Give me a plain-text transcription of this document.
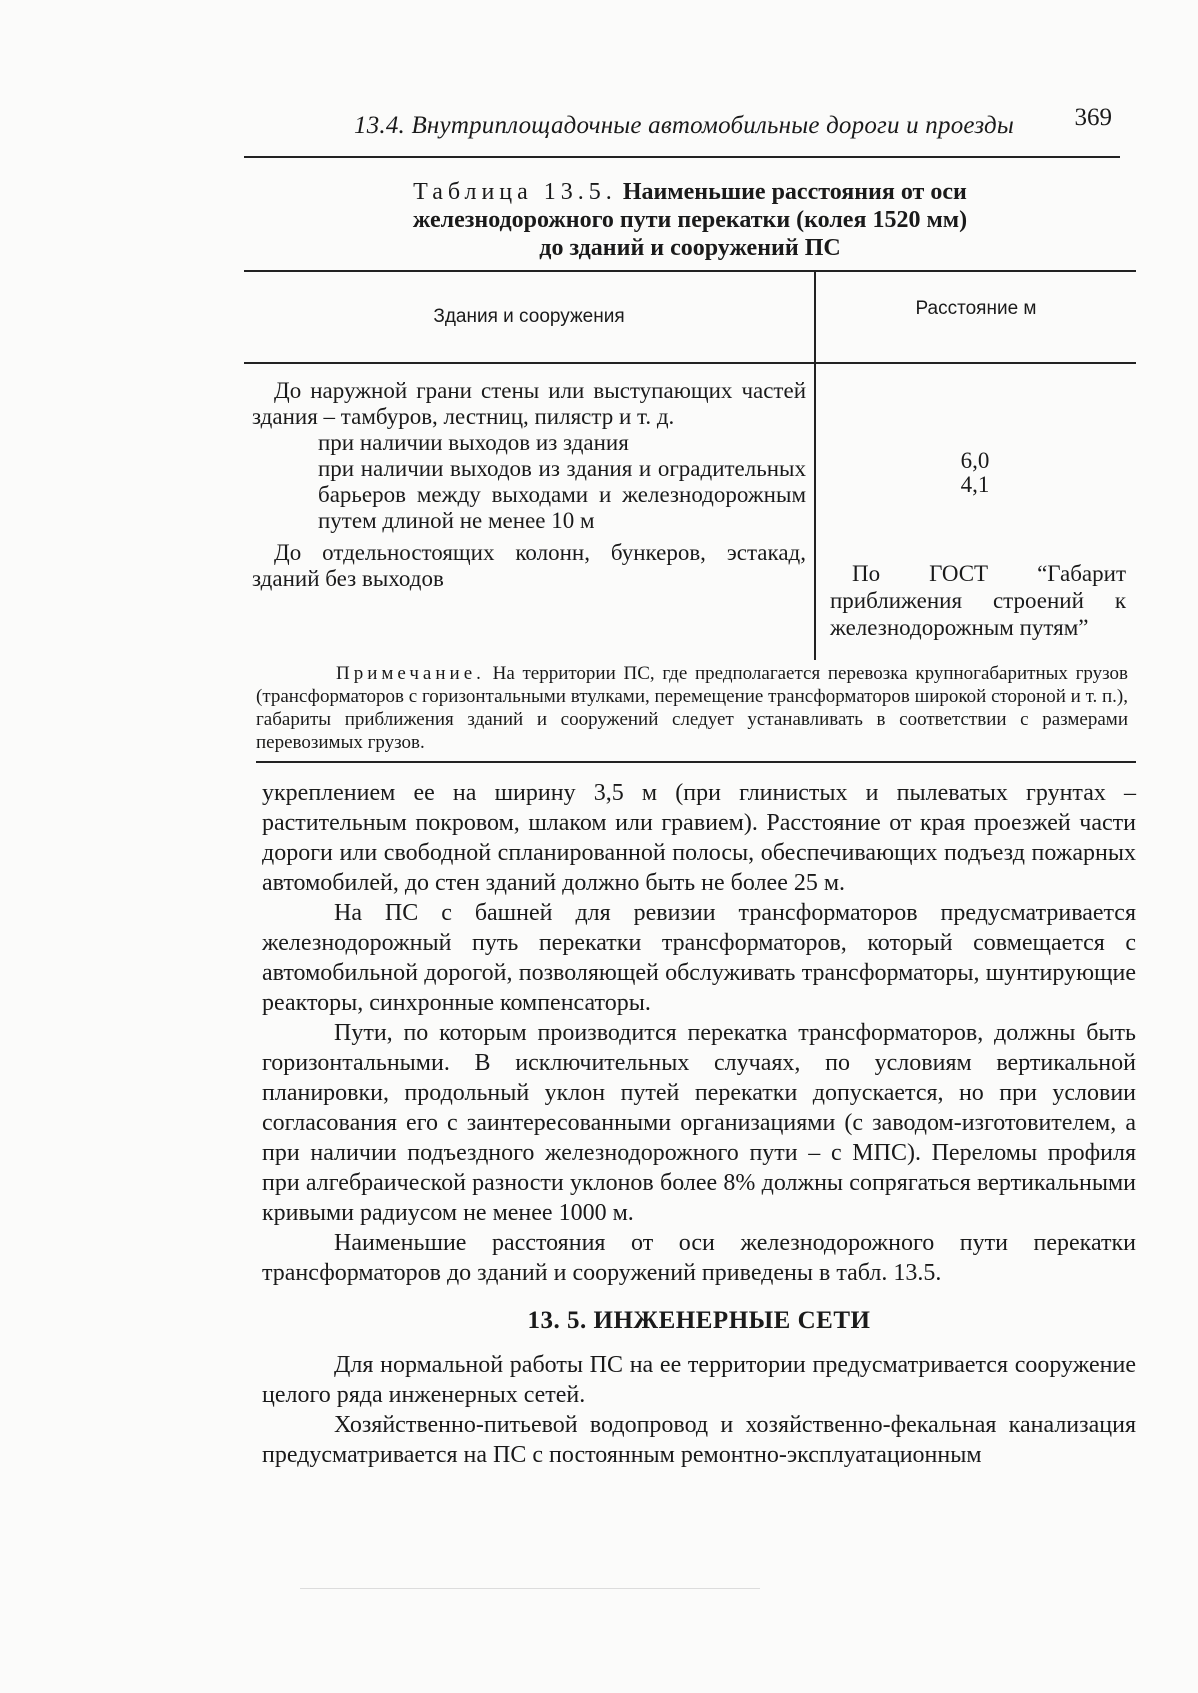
13.4. Внутриплощадочные автомобильные дороги и проезды 369
Таблица 13.5. Наименьшие расстояния от оси
железнодорожного пути перекатки (колея 1520 мм)
до зданий и сооружений ПС
Здания и сооружения	Расстояние м

До наружной грани стены или выступающих частей здания – тамбуров, лестниц, пилястр и т. д.

при наличии выходов из здания

при наличии выходов из здания и оградительных барьеров между выходами и железнодорожным путем длиной не менее 10 м

До отдельностоящих колонн, бункеров, эстакад, зданий без выходов

6,0
4,1
По ГОСТ “Габарит приближения строений к железнодорожным путям”
Примечание. На территории ПС, где предполагается перевозка крупногабаритных грузов (трансформаторов с горизонтальными втулками, перемещение трансформаторов широкой стороной и т. п.), габариты приближения зданий и сооружений следует устанавливать в соответствии с размерами перевозимых грузов.

укреплением ее на ширину 3,5 м (при глинистых и пылеватых грунтах – растительным покровом, шлаком или гравием). Расстояние от края проезжей части дороги или свободной спланированной полосы, обеспечивающих подъезд пожарных автомобилей, до стен зданий должно быть не более 25 м.

На ПС с башней для ревизии трансформаторов предусматривается железнодорожный путь перекатки трансформаторов, который совмещается с автомобильной дорогой, позволяющей обслуживать трансформаторы, шунтирующие реакторы, синхронные компенсаторы.

Пути, по которым производится перекатка трансформаторов, должны быть горизонтальными. В исключительных случаях, по условиям вертикальной планировки, продольный уклон путей перекатки допускается, но при условии согласования его с заинтересованными организациями (с заводом-изготовителем, а при наличии подъездного железнодорожного пути – с МПС). Переломы профиля при алгебраической разности уклонов более 8% должны сопрягаться вертикальными кривыми радиусом не менее 1000 м.

Наименьшие расстояния от оси железнодорожного пути перекатки трансформаторов до зданий и сооружений приведены в табл. 13.5.

13. 5. ИНЖЕНЕРНЫЕ СЕТИ

Для нормальной работы ПС на ее территории предусматривается сооружение целого ряда инженерных сетей.

Хозяйственно-питьевой водопровод и хозяйственно-фекальная канализация предусматривается на ПС с постоянным ремонтно-эксплуатационным
